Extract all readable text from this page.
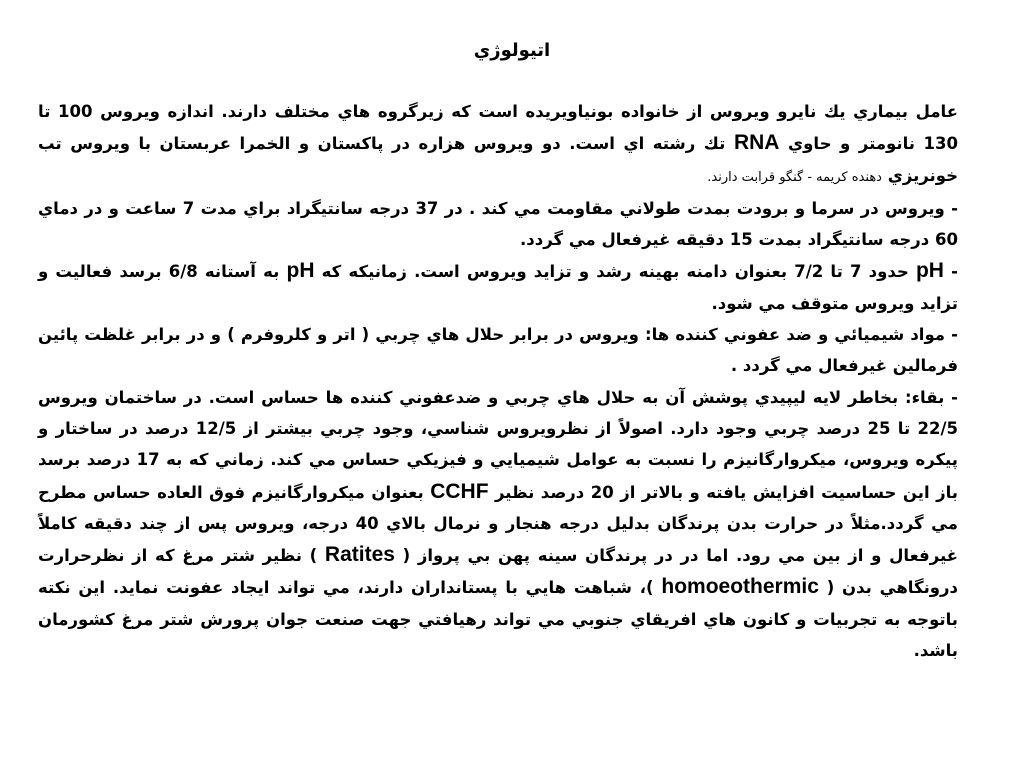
اتيولوژي

عامل بيماري يك نايرو ويروس از خانواده بونياويريده است كه زيرگروه هاي مختلف دارند. اندازه ويروس 100 تا 130 نانومتر و حاوي RNA تك رشته اي است. دو ويروس هزاره در پاكستان و الخمرا عربستان با ويروس تب خونريزي دهنده كريمه - گنگو قرابت دارند.

- ويروس در سرما و برودت بمدت طولاني مقاومت مي كند . در 37 درجه سانتيگراد براي مدت 7 ساعت و در دماي 60 درجه سانتيگراد بمدت 15 دقيقه غيرفعال مي گردد.

- pH حدود 7 تا 7/2 بعنوان دامنه بهينه رشد و تزايد ويروس است. زمانيكه كه pH به آستانه 6/8 برسد فعاليت و تزايد ويروس متوقف مي شود.

- مواد شيميائي و ضد عفوني كننده ها: ويروس در برابر حلال هاي چربي ( اتر و كلروفرم ) و در برابر غلظت پائين فرمالين غيرفعال مي گردد .

- بقاء: بخاطر لايه ليپيدي پوشش آن به حلال هاي چربي و ضدعفوني كننده ها حساس است. در ساختمان ويروس 22/5 تا 25 درصد چربي وجود دارد. اصولاً از نظرويروس شناسي، وجود چربي بيشتر از 12/5 درصد در ساختار و پيكره ويروس، ميكروارگانيزم را نسبت به عوامل شيميايي و فيزيكي حساس مي كند. زماني كه به 17 درصد برسد باز اين حساسيت افزايش يافته و بالاتر از 20 درصد نظير CCHF بعنوان ميكروارگانيزم فوق العاده حساس مطرح مي گردد.مثلاً در حرارت بدن پرندگان بدليل درجه هنجار و نرمال بالاي 40 درجه، ويروس پس از چند دقيقه كاملاً غيرفعال و از بين مي رود. اما در در پرندگان سينه پهن بي پرواز ( Ratites ) نظير شتر مرغ كه از نظرحرارت درونگاهي بدن ( homoeothermic )، شباهت هايي با پستانداران دارند، مي تواند ايجاد عفونت نمايد. اين نكته باتوجه به تجربيات و كانون هاي افريقاي جنوبي مي تواند رهيافتي جهت صنعت جوان پرورش شتر مرغ كشورمان باشد.
